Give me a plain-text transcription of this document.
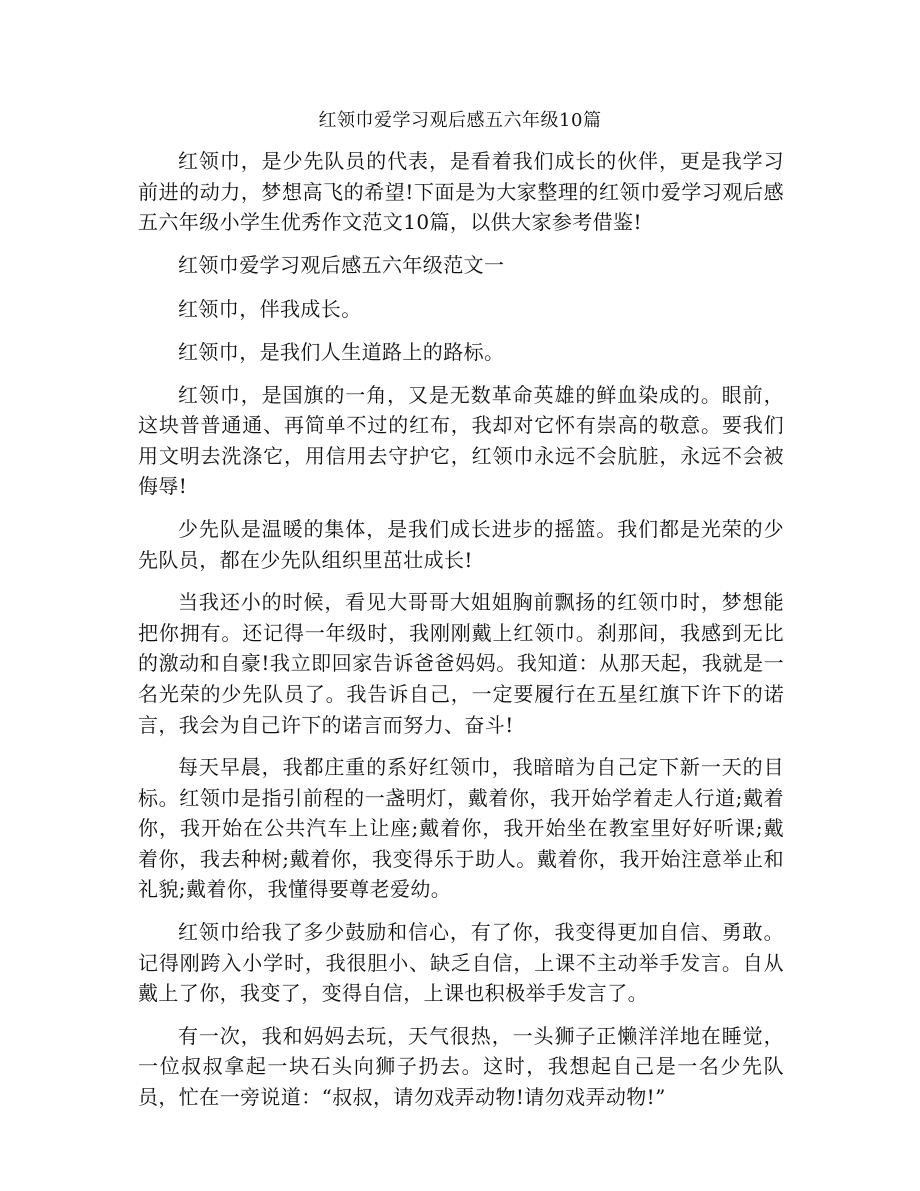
红领巾爱学习观后感五六年级10篇

红领巾，是少先队员的代表，是看着我们成长的伙伴，更是我学习前进的动力，梦想高飞的希望!下面是为大家整理的红领巾爱学习观后感五六年级小学生优秀作文范文10篇，以供大家参考借鉴!

红领巾爱学习观后感五六年级范文一

红领巾，伴我成长。

红领巾，是我们人生道路上的路标。

红领巾，是国旗的一角，又是无数革命英雄的鲜血染成的。眼前，这块普普通通、再简单不过的红布，我却对它怀有崇高的敬意。要我们用文明去洗涤它，用信用去守护它，红领巾永远不会肮脏，永远不会被侮辱!

少先队是温暖的集体，是我们成长进步的摇篮。我们都是光荣的少先队员，都在少先队组织里茁壮成长!

当我还小的时候，看见大哥哥大姐姐胸前飘扬的红领巾时，梦想能把你拥有。还记得一年级时，我刚刚戴上红领巾。刹那间，我感到无比的激动和自豪!我立即回家告诉爸爸妈妈。我知道：从那天起，我就是一名光荣的少先队员了。我告诉自己，一定要履行在五星红旗下许下的诺言，我会为自己许下的诺言而努力、奋斗!

每天早晨，我都庄重的系好红领巾，我暗暗为自己定下新一天的目标。红领巾是指引前程的一盏明灯，戴着你，我开始学着走人行道;戴着你，我开始在公共汽车上让座;戴着你，我开始坐在教室里好好听课;戴着你，我去种树;戴着你，我变得乐于助人。戴着你，我开始注意举止和礼貌;戴着你，我懂得要尊老爱幼。

红领巾给我了多少鼓励和信心，有了你，我变得更加自信、勇敢。记得刚跨入小学时，我很胆小、缺乏自信，上课不主动举手发言。自从戴上了你，我变了，变得自信，上课也积极举手发言了。

有一次，我和妈妈去玩，天气很热，一头狮子正懒洋洋地在睡觉，一位叔叔拿起一块石头向狮子扔去。这时，我想起自己是一名少先队员，忙在一旁说道：“叔叔，请勿戏弄动物!请勿戏弄动物!”
